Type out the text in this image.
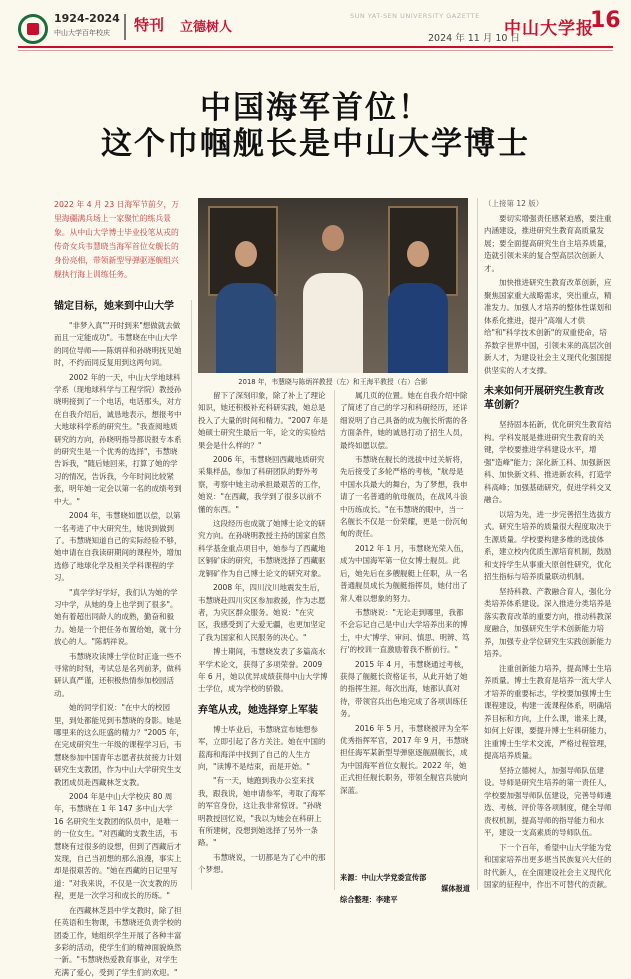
1924-2024
中山大学百年校庆 特刊 立德树人
SUN YAT-SEN UNIVERSITY GAZETTE
2024 年 11 月 10 日
中山大学报
16
中国海军首位！
这个巾帼舰长是中山大学博士
2022 年 4 月 23 日海军节前夕，万里海疆满兵场上一家聚忙的练兵景象。从中山大学博士毕业投笔从戎的传奇女兵韦慧晓当海军首位女舰长的身份亮相，带领新型导弹驱逐舰组兴舰执行海上训练任务。
2018 年，韦慧晓与陈炳祥教授（左）和王海平教授（右）合影
锚定目标，她来到中山大学

"非梦入真""开时到来"想做就去做而且一定能成功"。韦慧晓在中山大学的同位导师——陈炳祥和孙晓明抚见她时，不约而同反复用到这两句词。

2002 年的一天，中山大学地球科学系（现地球科学与工程学院）教授孙晓明接到了一个电话，电话那头，对方在自我介绍后，诚恳地表示，想报考中大地球科学系的研究生。"我查阅地质研究的方向，孙晓明指导都说报专本系的研究生是一个优秀的选择"，韦慧晓告诉我，"随后她回来，打算了她的学习的情况，告诉我，今年时间比较紧张，明年她一定会以第一名的成绩考到中大。"

2004 年，韦慧晓如愿以偿，以第一名考进了中大研究生，她说到做到了。韦慧晓知道自己的实际经验不够，她申请在自我读研期间的课程外，增加选修了地球化学及相关学科课程的学习。

"真学学好学好，我们认为她的学习中学，从她的身上也学到了很多"。她有着超出同龄人的成熟，勤奋和毅力。她是一个把任务布置给她，就十分放心的人。"陈炳祥说。

韦慧晓攻读博士学位时正逢一些不寻常的时刻，考试总是名列前茅，做科研认真严谨，还积极热情参加校园活动。

她的同学们说："在中大的校园里，到处都能见到韦慧晓的身影。她是哪里来的这么旺盛的精力？"2005 年，在完成研究生一年级的课程学习后，韦慧晓参加中国青年志愿者扶贫接力计划研究生支教团，作为中山大学研究生支教团成员赴西藏林芝支教。

2004 年是中山大学校庆 80 周年，韦慧晓在 1 年 147 多中山大学 16 名研究生支教团的队员中，是唯一的一位女生。"对西藏的支教生活，韦慧晓有过很多的设想，但到了西藏后才发现，自己当初想的那么浪漫，事实上却是很艰苦的。"她在西藏的日记里写道："对我来说，不仅是一次支教的历程，更是一次学习和成长的历练。"

在西藏林芝县中学支教时，除了担任英语和生物课，韦慧晓还负责学校的团委工作，她组织学生开展了各种丰富多彩的活动，使学生们的精神面貌焕然一新。"韦慧晓热爱教育事业，对学生充满了爱心，受到了学生们的欢迎。"

留下了深刻印象，除了补上了理论知识，她还积极补充科研实践，她总是投入了大量的时间和精力。"2007 年是她硕士研究生最后一年，论文的实验结果会是什么样的？"

2006 年，韦慧晓回西藏地质研究采集样品，参加了科研团队的野外考察，考察中她主动承担最艰苦的工作，她说："在西藏，我学到了很多以前不懂的东西。"

这段经历也成就了她博士论文的研究方向。在孙晓明教授主持的国家自然科学基金重点项目中，她参与了西藏地区铜矿床的研究，韦慧晓选择了西藏驱龙铜矿作为自己博士论文的研究对象。

2008 年，四川汶川地震发生后，韦慧晓赴四川灾区参加救援，作为志愿者，为灾区群众服务。她说："在灾区，我感受到了大爱无疆，也更加坚定了我为国家和人民服务的决心。"

博士期间，韦慧晓发表了多篇高水平学术论文，获得了多项荣誉。2009 年 6 月，她以优异成绩获得中山大学博士学位，成为学校的骄傲。

弃笔从戎，她选择穿上军装

博士毕业后，韦慧晓宣布她想参军，立即引起了各方关注。她在中国的蓝海和海洋中找到了自己的人生方向，"读博不是结束，而是开始。"

"有一天，她跑到我办公室来找我，跟我说，她申请参军，考取了海军的军官身份，这让我非常惊讶。"孙晓明教授回忆说，"我以为她会在科研上有所建树，没想到她选择了另外一条路。"

韦慧晓说，一切都是为了心中的那个梦想。

属几页的位置。她在自我介绍中除了简述了自己的学习和科研经历，还详细说明了自己具备的成为舰长所需的各方面条件，她的诚恳打动了招生人员，最终如愿以偿。

韦慧晓在舰长的选拔中过关斩将，先后接受了多轮严格的考核，"航母是中国水兵最大的舞台，为了梦想，我申请了一名普通的航母舰员，在战风斗浪中历练成长。"在韦慧晓的眼中，当一名舰长不仅是一份荣耀，更是一份沉甸甸的责任。

2012 年 1 月，韦慧晓光荣入伍，成为中国海军第一位女博士舰员。此后，她先后在多艘舰艇上任职，从一名普通舰员成长为舰艇指挥员，她付出了常人难以想象的努力。

韦慧晓说："无论走到哪里，我都不会忘记自己是中山大学培养出来的博士，中大'博学、审问、慎思、明辨、笃行'的校训一直激励着我不断前行。"

2015 年 4 月，韦慧晓通过考核，获得了舰艇长资格证书，从此开始了她的指挥生涯。每次出海，她都认真对待，带领官兵出色地完成了各项训练任务。

2016 年 5 月，韦慧晓被评为全军优秀指挥军官，2017 年 9 月，韦慧晓担任海军某新型导弹驱逐舰副舰长，成为中国海军首位女舰长。2022 年，她正式担任舰长职务，带领全舰官兵驶向深蓝。

来源：中山大学党委宣传部
媒体报道
综合整理：李建平

（上接第 12 版）

要切实增强责任感紧迫感，要注重内涵建设，推进研究生教育高质量发展；要全面提高研究生自主培养质量，造就引领未来的复合型高层次创新人才。

加快推进研究生教育改革创新，应聚焦国家重大战略需求，突出重点，精准发力。加强人才培养的整体性谋划和体系化推进，提升"高端人才供给"和"科学技术创新"的双重使命，培养数字世界中国，引领未来的高层次创新人才，为建设社会主义现代化强国提供坚实的人才支撑。

未来如何开展研究生教育改革创新？

坚持固本拓新，优化研究生教育结构。学科发展是推进研究生教育的关键，学校要推进学科建设水平，增强"造峰"能力；深化新工科、加强新医科、加快新文科、推进新农科，打造学科高峰；加强基础研究，促进学科交叉融合。

以培为先，进一步完善招生选拔方式。研究生培养的质量很大程度取决于生源质量。学校要构建多维的选拔体系，建立校内优质生源培育机制，鼓励和支持学生从事重大原创性研究，优化招生指标与培养质量联动机制。

坚持科教、产教融合育人，强化分类培养体系建设。深入推进分类培养是落实教育改革的重要方向，推动科教深度融合，加强研究生学术创新能力培养，加强专业学位研究生实践创新能力培养。

注重创新能力培养，提高博士生培养质量。博士生教育是培养一流大学人才培养的重要标志，学校要加强博士生课程建设，构建一流课程体系，明确培养目标和方向，上什么课，谁来上课，如何上好课，要提升博士生科研能力，注重博士生学术交流，严格过程管理，提高培养质量。

坚持立德树人，加强导师队伍建设。导师是研究生培养的第一责任人，学校要加强导师队伍建设，完善导师遴选、考核、评价等各项制度，健全导师责权机制，提高导师的指导能力和水平，建设一支高素质的导师队伍。

下一个百年，希望中山大学能为党和国家培养出更多堪当民族复兴大任的时代新人，在全面建设社会主义现代化国家的征程中，作出不可替代的贡献。
